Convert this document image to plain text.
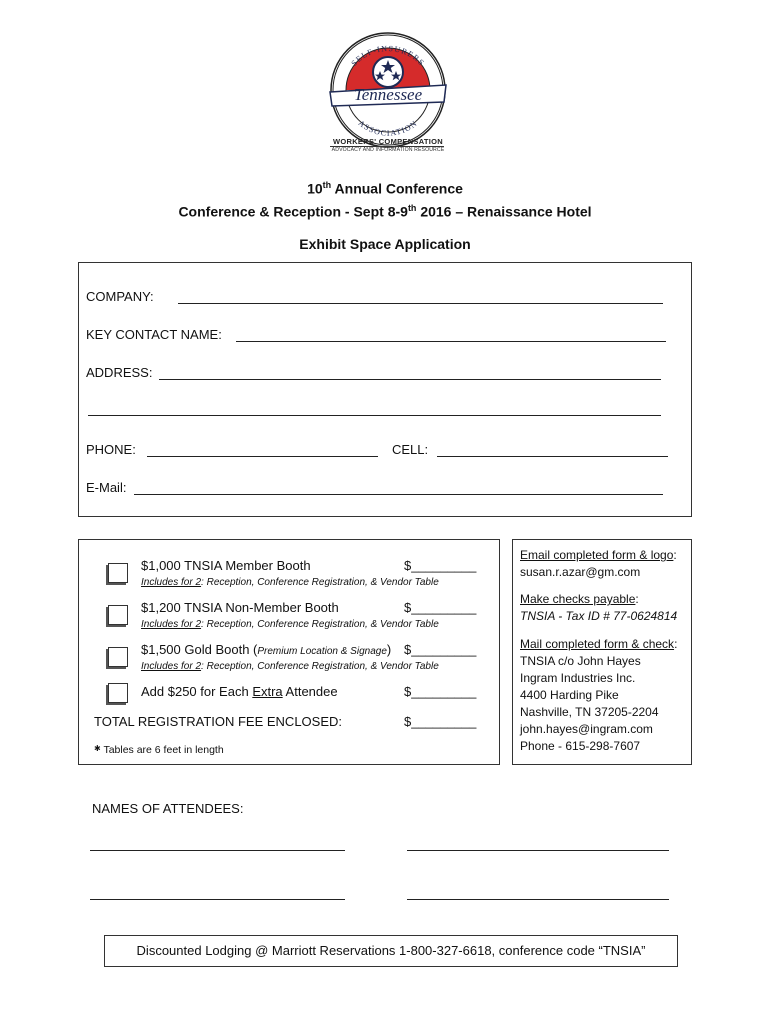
Tennessee
SELF-INSURERS
ASSOCIATION
WORKERS' COMPENSATION
ADVOCACY AND INFORMATION RESOURCE
10th Annual Conference
Conference & Reception - Sept 8-9th 2016 – Renaissance Hotel
Exhibit Space Application
COMPANY:
KEY CONTACT NAME:
ADDRESS:
PHONE:	CELL:
E-Mail:
$1,000 TNSIA Member Booth	$_________
Includes for 2: Reception, Conference Registration, & Vendor Table
$1,200 TNSIA Non-Member Booth	$_________
Includes for 2: Reception, Conference Registration, & Vendor Table
$1,500 Gold Booth (Premium Location & Signage) $_________
Includes for 2: Reception, Conference Registration, & Vendor Table
Add $250 for Each Extra Attendee	$_________
TOTAL REGISTRATION FEE ENCLOSED:	$_________
✱ Tables are 6 feet in length
Email completed form & logo:
susan.r.azar@gm.com
Make checks payable:
TNSIA - Tax ID # 77-0624814
Mail completed form & check:
TNSIA c/o John Hayes
Ingram Industries Inc.
4400 Harding Pike
Nashville, TN 37205-2204
john.hayes@ingram.com
Phone - 615-298-7607
NAMES OF ATTENDEES:
Discounted Lodging @ Marriott Reservations 1-800-327-6618, conference code “TNSIA”
